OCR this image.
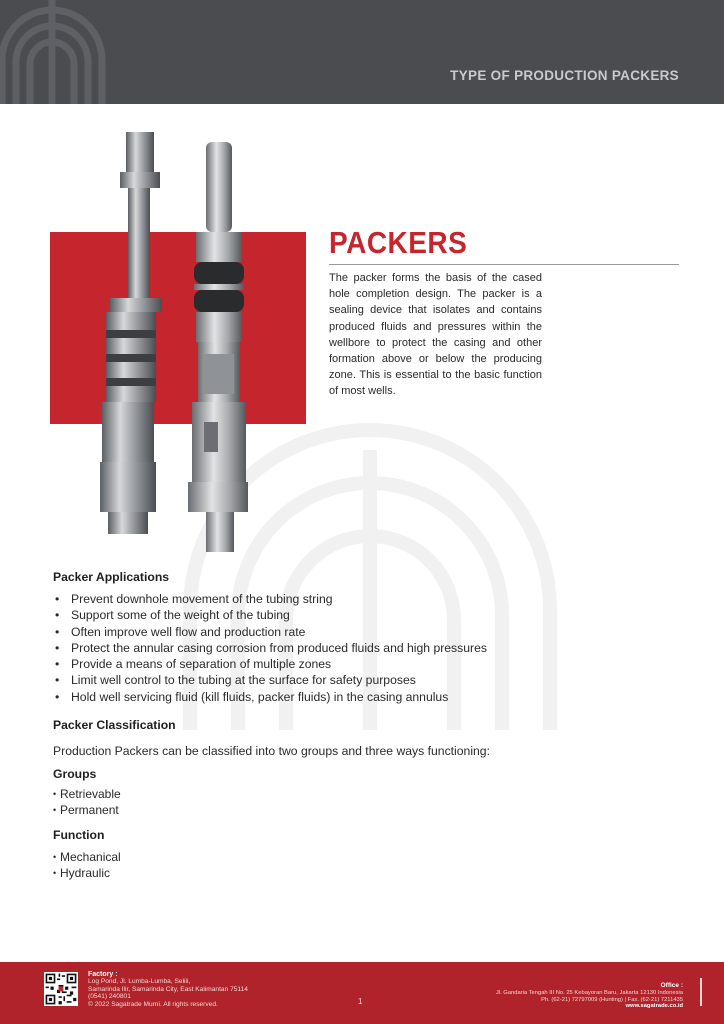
TYPE OF PRODUCTION PACKERS
PACKERS

The packer forms the basis of the cased hole completion design. The packer is a sealing device that isolates and contains produced fluids and pressures within the wellbore to protect the casing and other formation above or below the producing zone. This is essential to the basic function of most wells.

Packer Applications
• Prevent downhole movement of the tubing string
• Support some of the weight of the tubing
• Often improve well flow and production rate
• Protect the annular casing corrosion from produced fluids and high pressures
• Provide a means of separation of multiple zones
• Limit well control to the tubing at the surface for safety purposes
• Hold well servicing fluid (kill fluids, packer fluids) in the casing annulus
Packer Classification

Production Packers can be classified into two groups and three ways functioning:

Groups
• Retrievable
• Permanent
Function
• Mechanical
• Hydraulic
Factory :
Log Pond, Jl. Lumba-Lumba, Selili,
Samarinda Ilir, Samarinda City, East Kalimantan 75114
(0541) 240801
© 2022 Sagatrade Murni. All rights reserved.	1
Office :
Jl. Gandaria Tengah III No. 25 Kebayoran Baru, Jakarta 12130 Indonesia
Ph. (62-21) 72797009 (Hunting) | Fax. (62-21) 7211435
www.sagatrade.co.id
